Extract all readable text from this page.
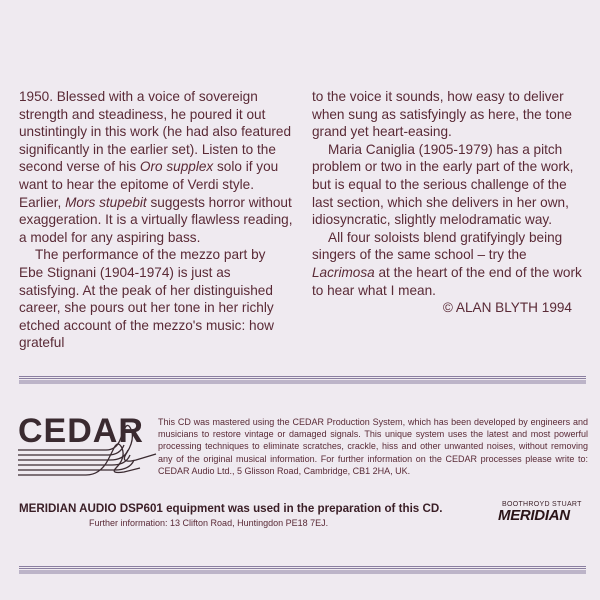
1950. Blessed with a voice of sovereign strength and steadiness, he poured it out unstintingly in this work (he had also featured significantly in the earlier set). Listen to the second verse of his Oro supplex solo if you want to hear the epitome of Verdi style. Earlier, Mors stupebit suggests horror without exaggeration. It is a virtually flawless reading, a model for any aspiring bass.

The performance of the mezzo part by Ebe Stignani (1904-1974) is just as satisfying. At the peak of her distinguished career, she pours out her tone in her richly etched account of the mezzo's music: how grateful

to the voice it sounds, how easy to deliver when sung as satisfyingly as here, the tone grand yet heart-easing.

Maria Caniglia (1905-1979) has a pitch problem or two in the early part of the work, but is equal to the serious challenge of the last section, which she delivers in her own, idiosyncratic, slightly melodramatic way.

All four soloists blend gratifyingly being singers of the same school – try the Lacrimosa at the heart of the end of the work to hear what I mean.

© ALAN BLYTH 1994

CEDAR This CD was mastered using the CEDAR Production System, which has been developed by engineers and musicians to restore vintage or damaged signals. This unique system uses the latest and most powerful processing techniques to eliminate scratches, crackle, hiss and other unwanted noises, without removing any of the original musical information. For further information on the CEDAR processes please write to: CEDAR Audio Ltd., 5 Glisson Road, Cambridge, CB1 2HA, UK.
MERIDIAN AUDIO DSP601 equipment was used in the preparation of this CD.
Further information: 13 Clifton Road, Huntingdon PE18 7EJ.
BOOTHROYD STUART
MERIDIAN
